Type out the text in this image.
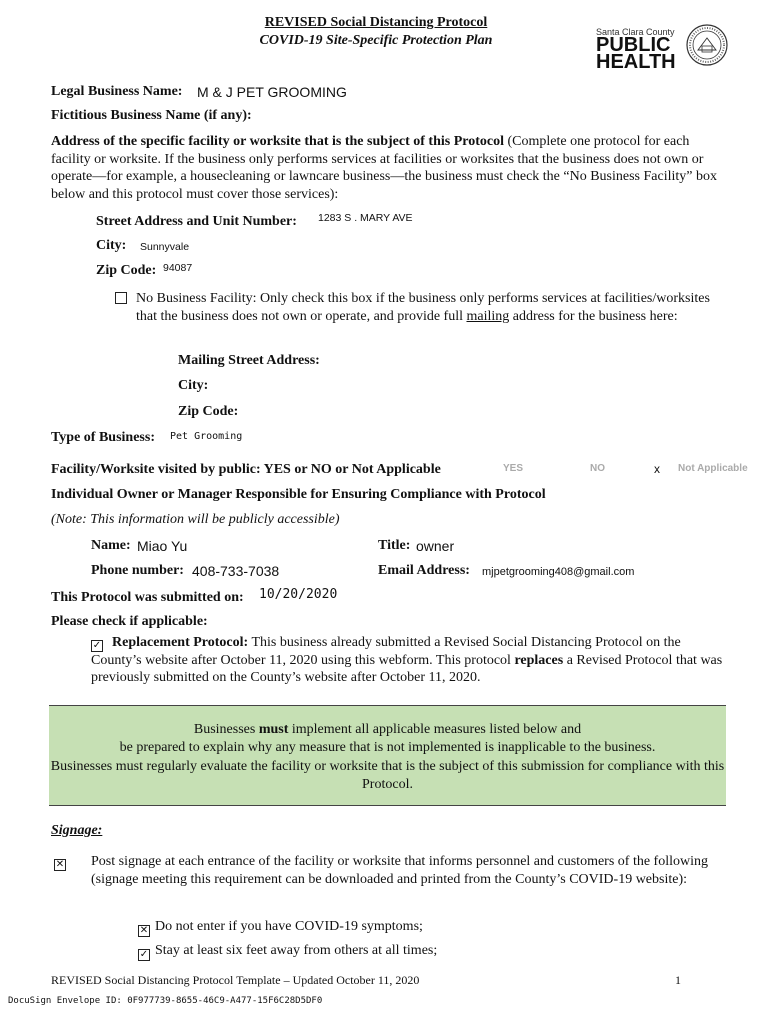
REVISED Social Distancing Protocol
COVID-19 Site-Specific Protection Plan
Santa Clara County
PUBLIC
HEALTH
Legal Business Name: M & J PET GROOMING
Fictitious Business Name (if any):
Address of the specific facility or worksite that is the subject of this Protocol (Complete one protocol for each facility or worksite. If the business only performs services at facilities or worksites that the business does not own or operate—for example, a housecleaning or lawncare business—the business must check the “No Business Facility” box below and this protocol must cover those services):
Street Address and Unit Number: 1283 S . MARY AVE
City: Sunnyvale
Zip Code: 94087
No Business Facility: Only check this box if the business only performs services at facilities/worksites that the business does not own or operate, and provide full mailing address for the business here:
Mailing Street Address:
City:
Zip Code:
Type of Business: Pet Grooming
Facility/Worksite visited by public: YES or NO or Not Applicable	YES	NO	x Not Applicable
Individual Owner or Manager Responsible for Ensuring Compliance with Protocol
(Note: This information will be publicly accessible)
Name: Miao Yu	Title: owner
Phone number: 408-733-7038	Email Address: mjpetgrooming408@gmail.com
This Protocol was submitted on: 10/20/2020
Please check if applicable:
✓ Replacement Protocol: This business already submitted a Revised Social Distancing Protocol on the County’s website after October 11, 2020 using this webform. This protocol replaces a Revised Protocol that was previously submitted on the County’s website after October 11, 2020.
Businesses must implement all applicable measures listed below and
be prepared to explain why any measure that is not implemented is inapplicable to the business.
Businesses must regularly evaluate the facility or worksite that is the subject of this submission for compliance with this Protocol.
Signage:
✕ Post signage at each entrance of the facility or worksite that informs personnel and customers of the following (signage meeting this requirement can be downloaded and printed from the County’s COVID-19 website):
✕ Do not enter if you have COVID-19 symptoms;
✓ Stay at least six feet away from others at all times;
REVISED Social Distancing Protocol Template – Updated October 11, 2020	1
DocuSign Envelope ID: 0F977739-8655-46C9-A477-15F6C28D5DF0
